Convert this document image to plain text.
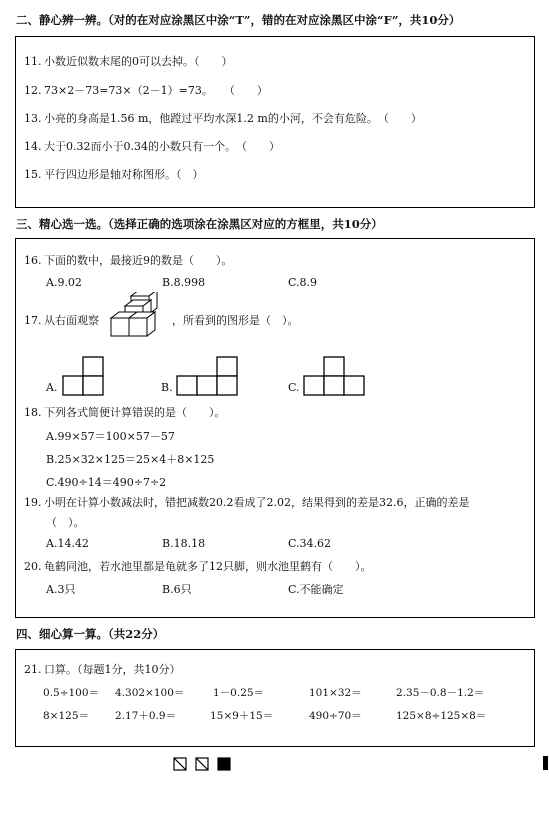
二、静心辨一辨。（对的在对应涂黑区中涂“T”，错的在对应涂黑区中涂“F”，共10分）
11. 小数近似数末尾的0可以去掉。（　　）
12. 73×2－73=73×（2－1）=73。　　（　　）
13. 小亮的身高是1.56 m，他蹚过平均水深1.2 m的小河，不会有危险。　（　　）
14. 大于0.32而小于0.34的小数只有一个。　（　　）
15. 平行四边形是轴对称图形。（　）
三、精心选一选。（选择正确的选项涂在涂黑区对应的方框里，共10分）
16. 下面的数中，最接近9的数是（　　）。
A.9.02	B.8.998	C.8.9
17. 从右面观察	，所看到的图形是（　）。
A.	B.	C.
18. 下列各式简便计算错误的是（　　）。
A.99×57＝100×57－57
B.25×32×125＝25×4＋8×125
C.490÷14＝490÷7÷2
19. 小明在计算小数减法时，错把减数20.2看成了2.02，结果得到的差是32.6，正确的差是
（　）。
A.14.42	B.18.18	C.34.62
20. 龟鹤同池，若水池里都是龟就多了12只脚，则水池里鹤有（　　）。
A.3只	B.6只	C.不能确定
四、细心算一算。（共22分）
21. 口算。（每题1分，共10分）
0.5÷100＝ 4.302×100＝	1－0.25＝	101×32＝	2.35－0.8－1.2＝
8×125＝ 2.17＋0.9＝	15×9＋15＝	490÷70＝	125×8÷125×8＝
